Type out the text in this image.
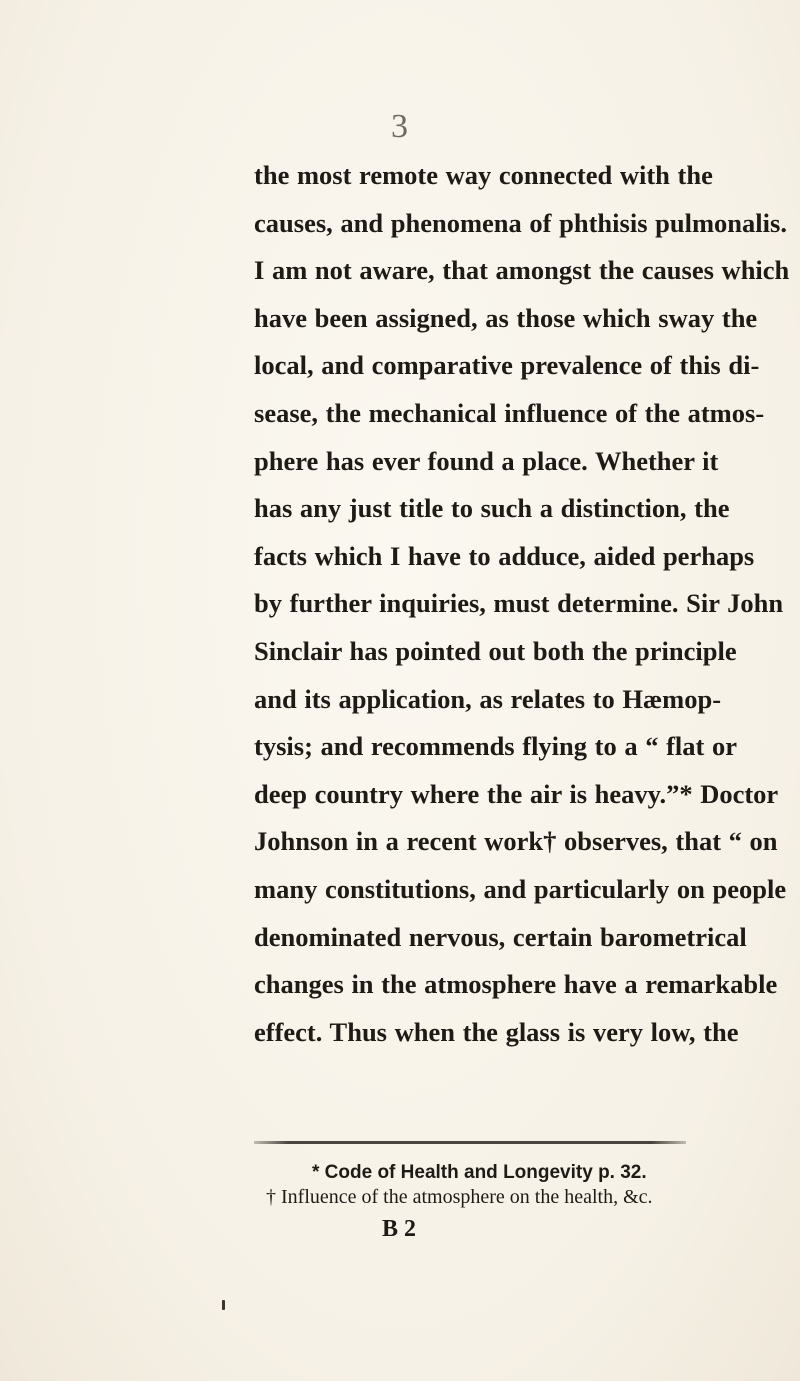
3
the most remote way connected with the
causes, and phenomena of phthisis pulmonalis.
I am not aware, that amongst the causes which
have been assigned, as those which sway the
local, and comparative prevalence of this di-
sease, the mechanical influence of the atmos-
phere has ever found a place. Whether it
has any just title to such a distinction, the
facts which I have to adduce, aided perhaps
by further inquiries, must determine. Sir John
Sinclair has pointed out both the principle
and its application, as relates to Hæmop-
tysis; and recommends flying to a “ flat or
deep country where the air is heavy.”* Doctor
Johnson in a recent work† observes, that “ on
many constitutions, and particularly on people
denominated nervous, certain barometrical
changes in the atmosphere have a remarkable
effect. Thus when the glass is very low, the
* Code of Health and Longevity p. 32.
† Influence of the atmosphere on the health, &c.
B 2
